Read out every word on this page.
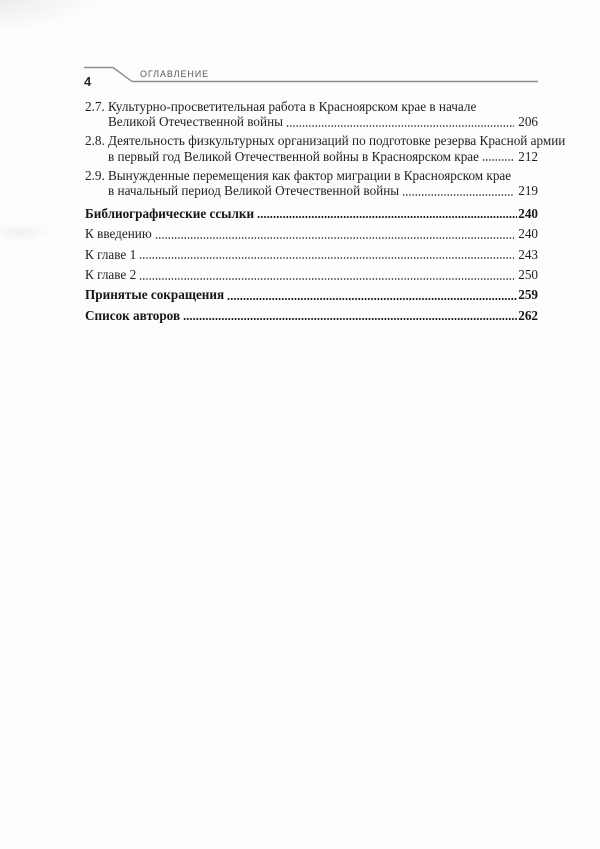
4	ОГЛАВЛЕНИЕ
2.7. Культурно-просветительная работа в Красноярском крае в начале
Великой Отечественной войны	206
2.8. Деятельность физкультурных организаций по подготовке резерва Красной армии
в первый год Великой Отечественной войны в Красноярском крае	212
2.9. Вынужденные перемещения как фактор миграции в Красноярском крае
в начальный период Великой Отечественной войны	219
Библиографические ссылки	240
К введению	240
К главе 1	243
К главе 2	250
Принятые сокращения	259
Список авторов	262
